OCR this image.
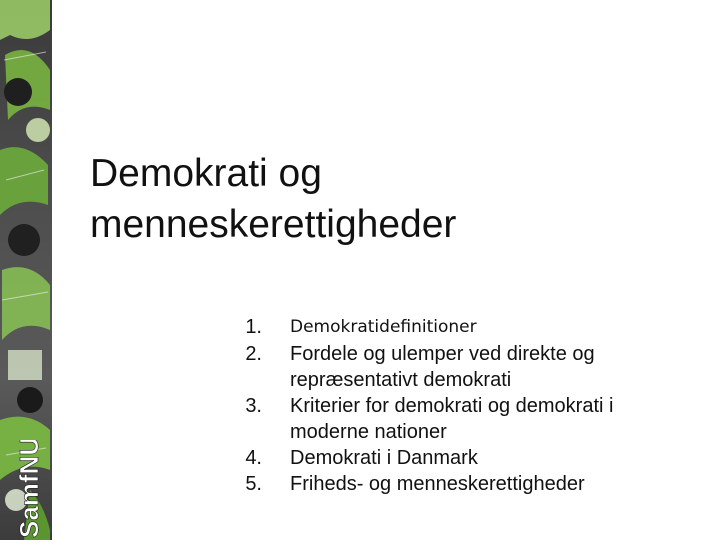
SamfNU
Demokrati og
menneskerettigheder
1. Demokratidefinitioner
2. Fordele og ulemper ved direkte og repræsentativt demokrati
3. Kriterier for demokrati og demokrati i moderne nationer
4. Demokrati i Danmark
5. Friheds- og menneskerettigheder
